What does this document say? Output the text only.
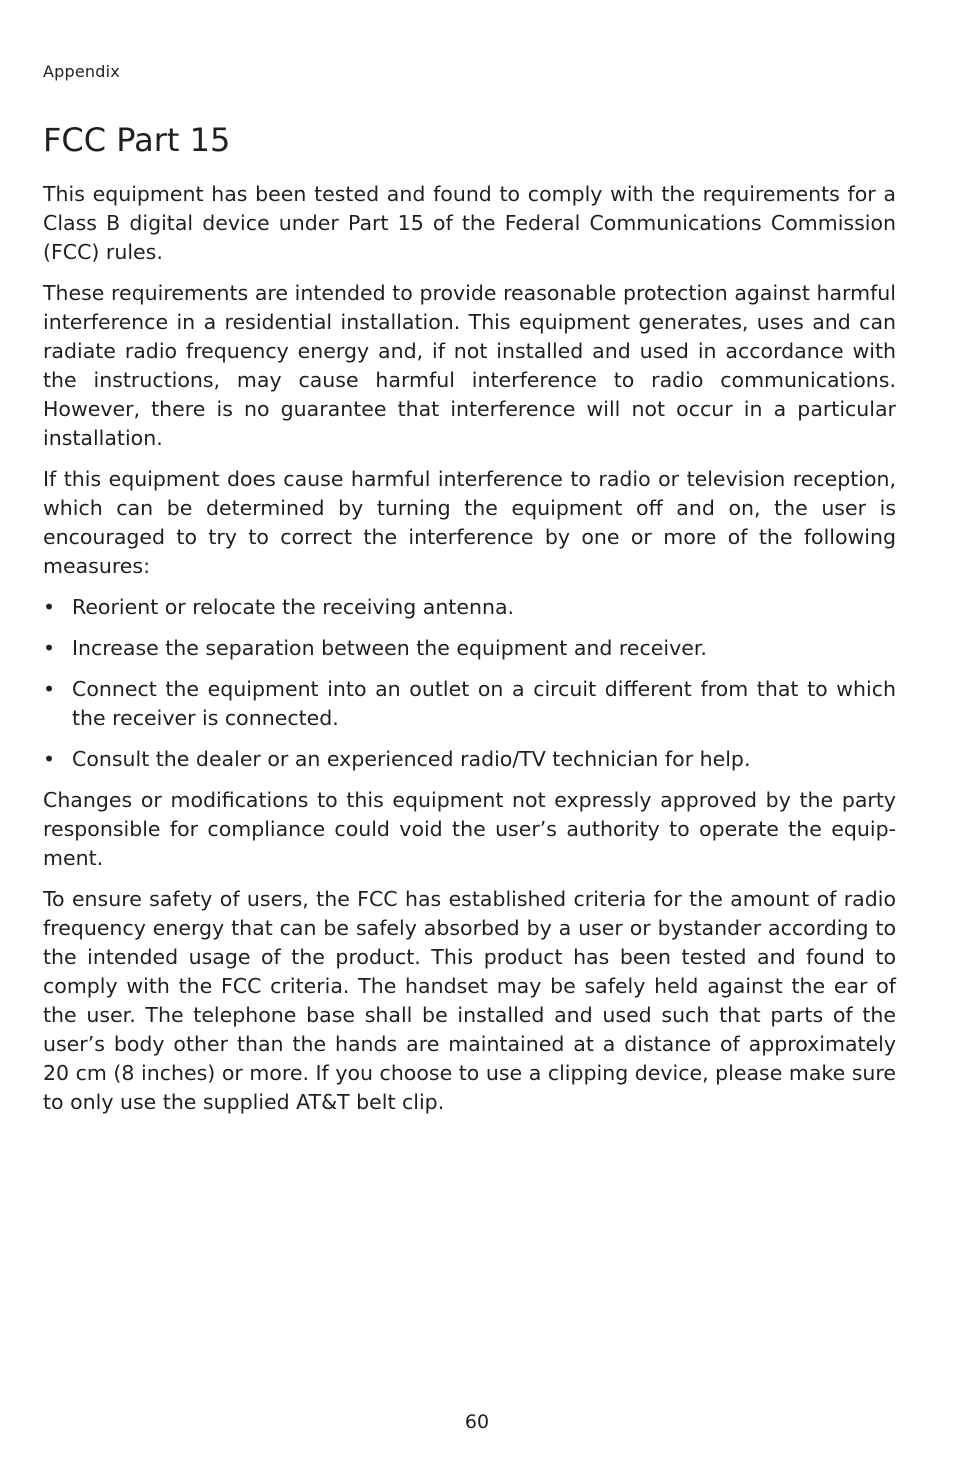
Appendix
FCC Part 15

This equipment has been tested and found to comply with the requirements for a Class B digital device under Part 15 of the Federal Communications Commission (FCC) rules.

These requirements are intended to provide reasonable protection against harmful interference in a residential installation. This equipment generates, uses and can radiate radio frequency energy and, if not installed and used in accordance with the instructions, may cause harmful interference to radio communications. However, there is no guarantee that interference will not occur in a particular installation.

If this equipment does cause harmful interference to radio or television reception, which can be determined by turning the equipment off and on, the user is encouraged to try to correct the interference by one or more of the following measures:

• Reorient or relocate the receiving antenna.
• Increase the separation between the equipment and receiver.
• Connect the equipment into an outlet on a circuit different from that to which the receiver is connected.
• Consult the dealer or an experienced radio/TV technician for help.

Changes or modifications to this equipment not expressly approved by the party responsible for compliance could void the user’s authority to operate the equipment.

To ensure safety of users, the FCC has established criteria for the amount of radio frequency energy that can be safely absorbed by a user or bystander according to the intended usage of the product. This product has been tested and found to comply with the FCC criteria. The handset may be safely held against the ear of the user. The telephone base shall be installed and used such that parts of the user’s body other than the hands are maintained at a distance of approximately 20 cm (8 inches) or more. If you choose to use a clipping device, please make sure to only use the supplied AT&T belt clip.

60
